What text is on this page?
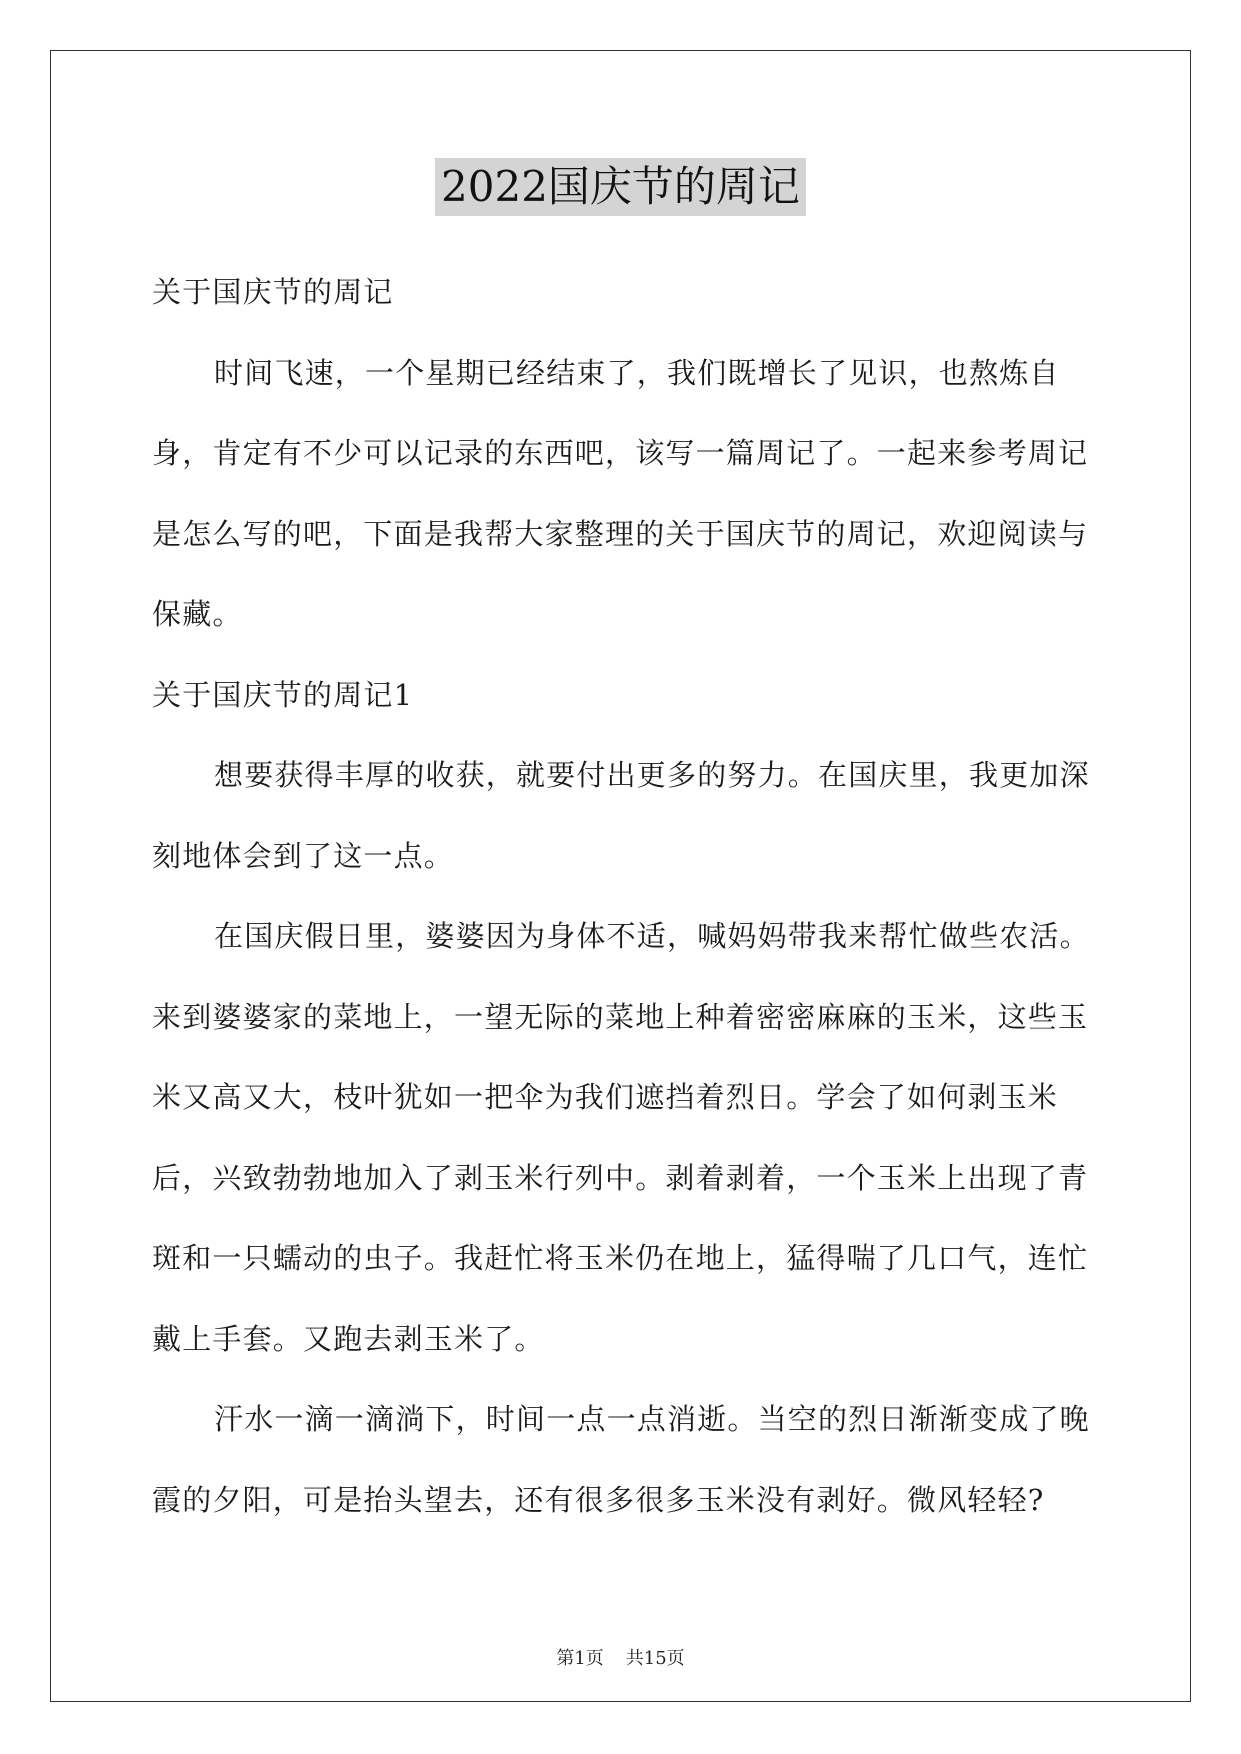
2022国庆节的周记

关于国庆节的周记

时间飞速，一个星期已经结束了，我们既增长了见识，也熬炼自身，肯定有不少可以记录的东西吧，该写一篇周记了。一起来参考周记是怎么写的吧，下面是我帮大家整理的关于国庆节的周记，欢迎阅读与保藏。

关于国庆节的周记1

想要获得丰厚的收获，就要付出更多的努力。在国庆里，我更加深刻地体会到了这一点。

在国庆假日里，婆婆因为身体不适，喊妈妈带我来帮忙做些农活。来到婆婆家的菜地上，一望无际的菜地上种着密密麻麻的玉米，这些玉米又高又大，枝叶犹如一把伞为我们遮挡着烈日。学会了如何剥玉米后，兴致勃勃地加入了剥玉米行列中。剥着剥着，一个玉米上出现了青斑和一只蠕动的虫子。我赶忙将玉米仍在地上，猛得喘了几口气，连忙戴上手套。又跑去剥玉米了。

汗水一滴一滴淌下，时间一点一点消逝。当空的烈日渐渐变成了晚霞的夕阳，可是抬头望去，还有很多很多玉米没有剥好。微风轻轻?

第1页 共15页
